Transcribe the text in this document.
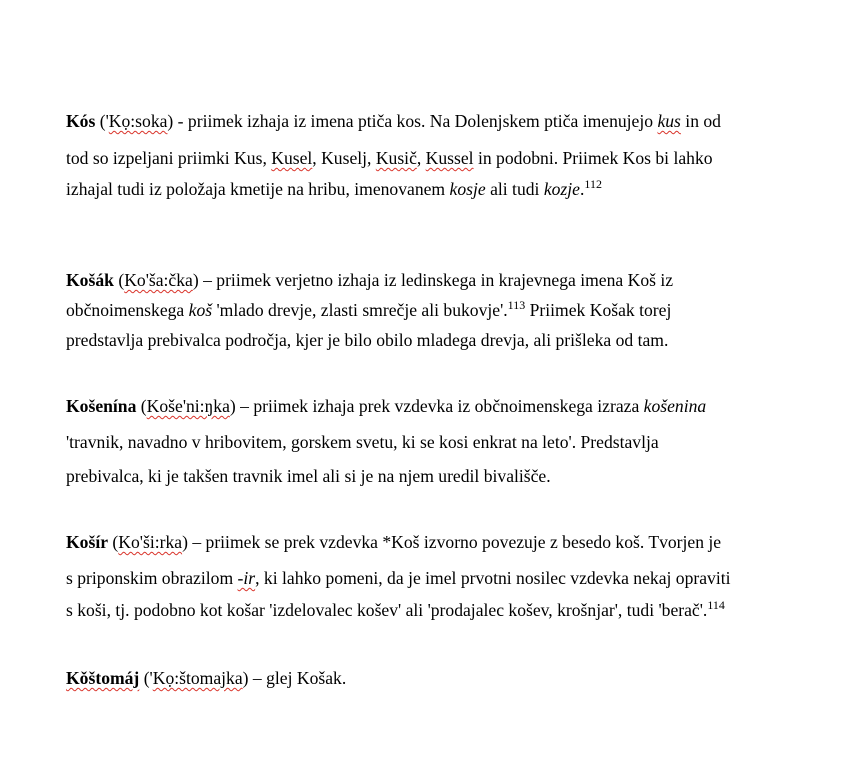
Kós ('Kọ:soka) - priimek izhaja iz imena ptiča kos. Na Dolenjskem ptiča imenujejo kus in od
tod so izpeljani priimki Kus, Kusel, Kuselj, Kusič, Kussel in podobni. Priimek Kos bi lahko
izhajal tudi iz položaja kmetije na hribu, imenovanem kosje ali tudi kozje.$^{112}$
Košák (Ko'ša:čka) – priimek verjetno izhaja iz ledinskega in krajevnega imena Koš iz
občnoimenskega koš 'mlado drevje, zlasti smrečje ali bukovje'.$^{113}$ Priimek Košak torej
predstavlja prebivalca področja, kjer je bilo obilo mladega drevja, ali prišleka od tam.
Košenína (Koše'ni:ŋka) – priimek izhaja prek vzdevka iz občnoimenskega izraza košenina
'travnik, navadno v hribovitem, gorskem svetu, ki se kosi enkrat na leto'. Predstavlja
prebivalca, ki je takšen travnik imel ali si je na njem uredil bivališče.
Košír (Ko'ši:rka) – priimek se prek vzdevka *Koš izvorno povezuje z besedo koš. Tvorjen je
s priponskim obrazilom -ir, ki lahko pomeni, da je imel prvotni nosilec vzdevka nekaj opraviti
s koši, tj. podobno kot košar 'izdelovalec košev' ali 'prodajalec košev, krošnjar', tudi 'berač'.$^{114}$
Kǒštomáj ('Kọ:štomajka) – glej Košak.
